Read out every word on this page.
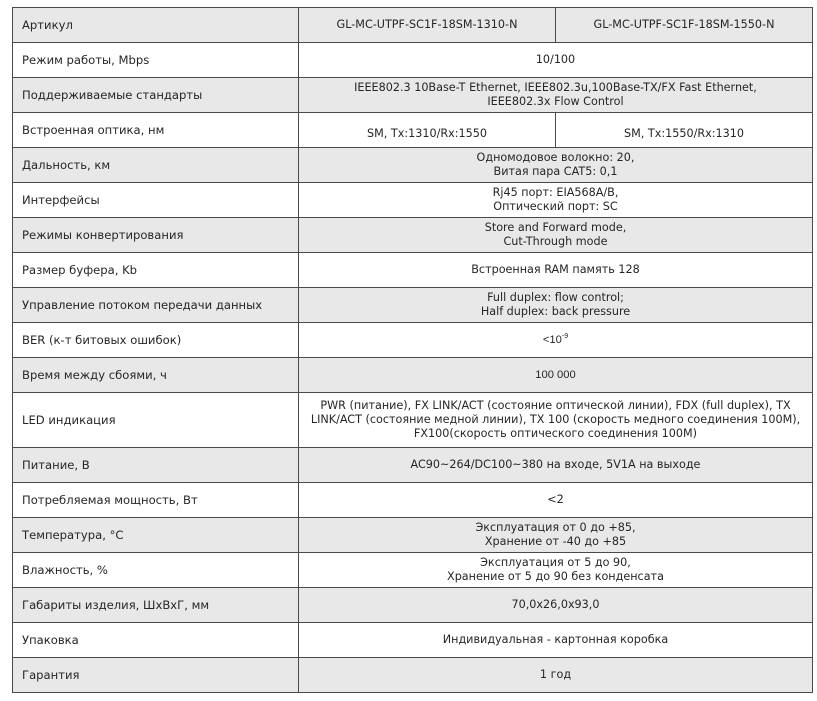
Артикул	GL-MC-UTPF-SC1F-18SM-1310-N	GL-MC-UTPF-SC1F-18SM-1550-N
Режим работы, Mbps	10/100	
Поддерживаемые стандарты	IEEE802.3 10Base-T Ethernet, IEEE802.3u,100Base-TX/FX Fast Ethernet,
IEEE802.3x Flow Control	

Встроенная оптика, нм	SM, Tx:1310/Rx:1550	SM, Tx:1550/Rx:1310
Дальность, км	Одномодовое волокно: 20,
Витая пара CAT5: 0,1	

Интерфейсы	Rj45 порт: EIA568A/B,
Оптический порт: SC	

Режимы конвертирования	Store and Forward mode,
Cut-Through mode	

Размер буфера, Kb	Встроенная RAM память 128	
Управление потоком передачи данных	Full duplex: flow control;
Half duplex: back pressure	

BER (к-т битовых ошибок)	$<10^{-9}$
Время между сбоями, ч	100 000	
LED индикация	PWR (питание), FX LINK/ACT (состояние оптической линии), FDX (full duplex), TX
LINK/ACT (состояние медной линии), TX 100 (скорость медного соединения 100M),
FX100(скорость оптического соединения 100M)	

Питание, В	AC90~264/DC100~380 на входе, 5V1A на выходе	
Потребляемая мощность, Вт	<2	
Температура, °С	Эксплуатация от 0 до +85,
Хранение от -40 до +85	

Влажность, %	Эксплуатация от 5 до 90,
Хранение от 5 до 90 без конденсата	

Габариты изделия, ШхВхГ, мм	70,0x26,0x93,0	
Упаковка	Индивидуальная - картонная коробка	
Гарантия	1 год	
